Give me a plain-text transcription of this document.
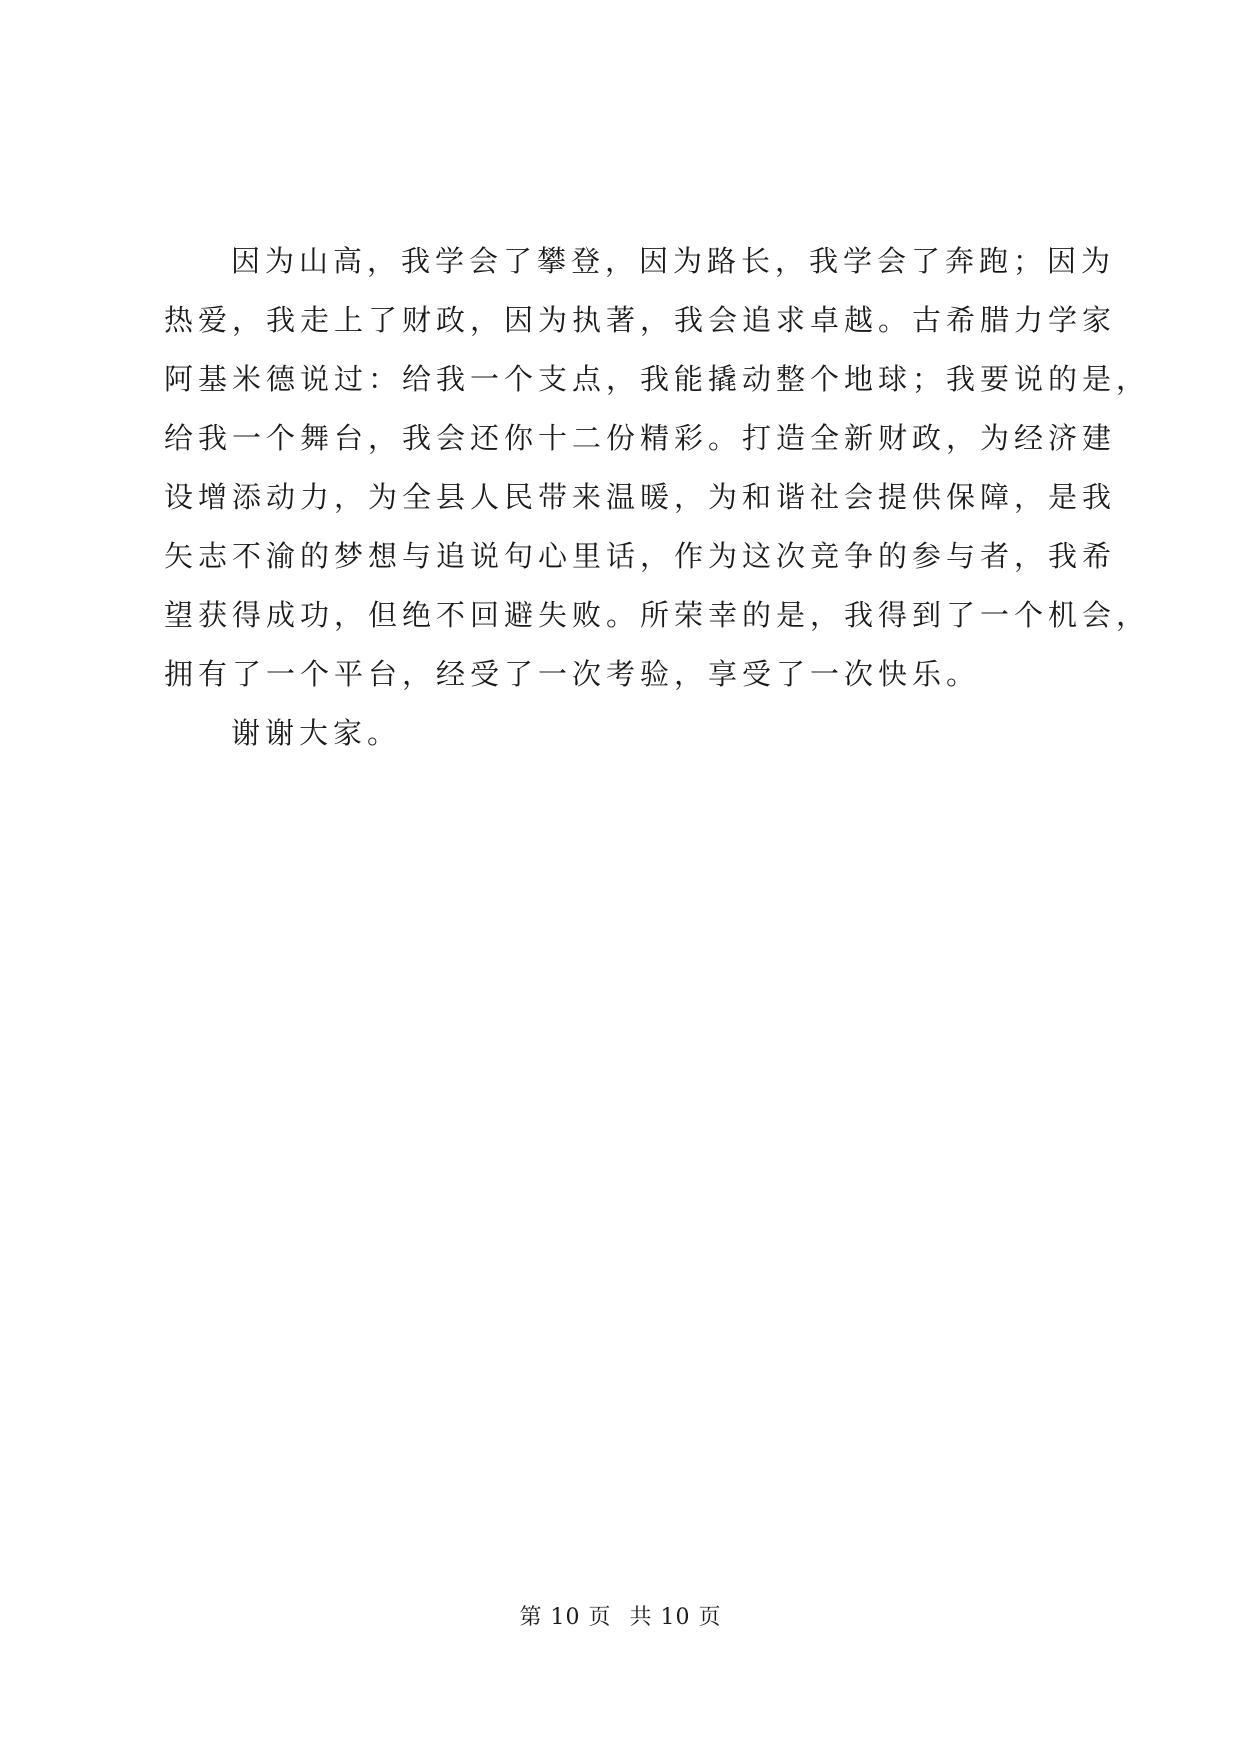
因为山高，我学会了攀登，因为路长，我学会了奔跑；因为
热爱，我走上了财政，因为执著，我会追求卓越。古希腊力学家
阿基米德说过：给我一个支点，我能撬动整个地球；我要说的是，
给我一个舞台，我会还你十二份精彩。打造全新财政，为经济建
设增添动力，为全县人民带来温暖，为和谐社会提供保障，是我
矢志不渝的梦想与追说句心里话，作为这次竞争的参与者，我希
望获得成功，但绝不回避失败。所荣幸的是，我得到了一个机会，
拥有了一个平台，经受了一次考验，享受了一次快乐。
谢谢大家。
第 10 页 共 10 页
